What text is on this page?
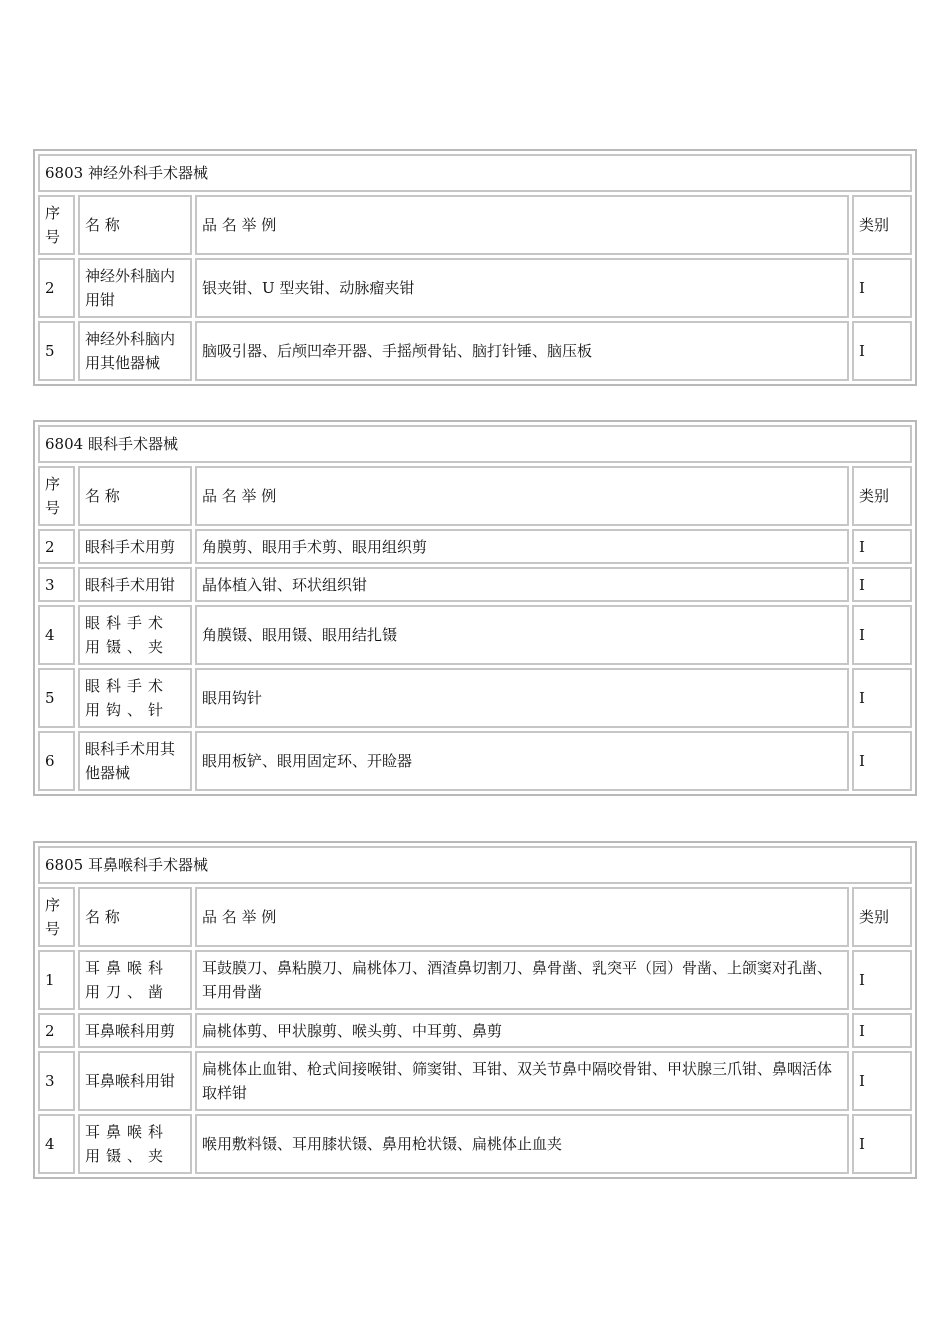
6803 神经外科手术器械			
序号	名 称	品 名 举 例	类别
2	神经外科脑内用钳	银夹钳、U 型夹钳、动脉瘤夹钳	I
5	神经外科脑内用其他器械	脑吸引器、后颅凹牵开器、手摇颅骨钻、脑打针锤、脑压板	I
6804 眼科手术器械			
序号	名 称	品 名 举 例	类别
2	眼科手术用剪	角膜剪、眼用手术剪、眼用组织剪	I
3	眼科手术用钳	晶体植入钳、环状组织钳	I
4	眼科手术用镊、夹	角膜镊、眼用镊、眼用结扎镊	I
5	眼科手术用钩、针	眼用钩针	I
6	眼科手术用其他器械	眼用板铲、眼用固定环、开睑器	I
6805 耳鼻喉科手术器械			
序号	名 称	品 名 举 例	类别
1	耳鼻喉科用刀、凿	耳鼓膜刀、鼻粘膜刀、扁桃体刀、酒渣鼻切割刀、鼻骨凿、乳突平（园）骨凿、上颌窦对孔凿、耳用骨凿	I
2	耳鼻喉科用剪	扁桃体剪、甲状腺剪、喉头剪、中耳剪、鼻剪	I
3	耳鼻喉科用钳	扁桃体止血钳、枪式间接喉钳、筛窦钳、耳钳、双关节鼻中隔咬骨钳、甲状腺三爪钳、鼻咽活体取样钳	I
4	耳鼻喉科用镊、夹	喉用敷料镊、耳用膝状镊、鼻用枪状镊、扁桃体止血夹	I
